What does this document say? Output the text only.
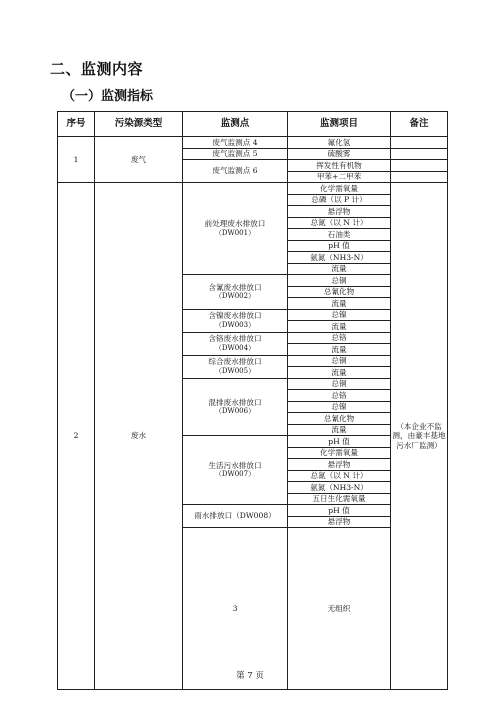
二、监测内容
（一）监测指标
序号	污染源类型	监测点	监测项目	备注	
1	废气	废气监测点 4	氟化氢		
		废气监测点 5	硫酸雾		
		废气监测点 6	挥发性有机物		
			甲苯+二甲苯		
2	废水	前处理废水排放口
（DW001）	化学需氧量	（本企业不监测，由豪丰基地污水厂监测）	
			总磷（以 P 计）		
			悬浮物		
			总氮（以 N 计）		
			石油类		
			pH 值		
			氨氮（NH3-N）		
			流量		
		含氰废水排放口
（DW002）	总铜		
			总氰化物		
			流量		
		含镍废水排放口
（DW003）	总镍		
			流量		
		含铬废水排放口
（DW004）	总铬		
			流量		
		综合废水排放口
（DW005）	总铜		
			流量		
		混排废水排放口
（DW006）	总铜		
			总铬		
			总镍		
			总氰化物		
			流量		
		生活污水排放口
（DW007）	pH 值		
			化学需氧量		
			悬浮物		
			总氮（以 N 计）		
			氨氮（NH3-N）		
			五日生化需氧量		
		雨水排放口（DW008）	pH 值		
			悬浮物		
		3	无组织			

第 7 页
